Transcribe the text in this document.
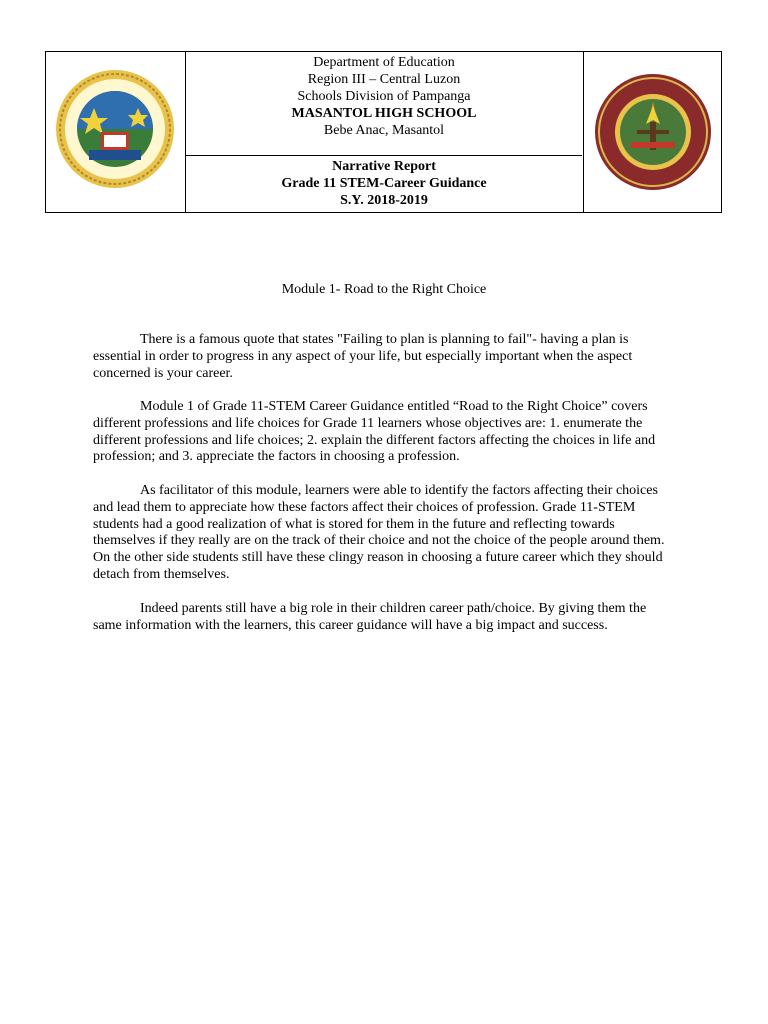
Department of Education

Region III – Central Luzon

Schools Division of Pampanga

MASANTOL HIGH SCHOOL

Bebe Anac, Masantol

Narrative Report

Grade 11 STEM-Career Guidance

S.Y. 2018-2019

Module 1- Road to the Right Choice

There is a famous quote that states "Failing to plan is planning to fail"- having a plan is essential in order to progress in any aspect of your life, but especially important when the aspect concerned is your career.

Module 1 of Grade 11-STEM Career Guidance entitled “Road to the Right Choice” covers different professions and life choices for Grade 11 learners whose objectives are: 1. enumerate the different professions and life choices; 2. explain the different factors affecting the choices in life and profession; and 3. appreciate the factors in choosing a profession.

As facilitator of this module, learners were able to identify the factors affecting their choices and lead them to appreciate how these factors affect their choices of profession. Grade 11-STEM students had a good realization of what is stored for them in the future and reflecting towards themselves if they really are on the track of their choice and not the choice of the people around them. On the other side students still have these clingy reason in choosing a future career which they should detach from themselves.

Indeed parents still have a big role in their children career path/choice. By giving them the same information with the learners, this career guidance will have a big impact and success.
